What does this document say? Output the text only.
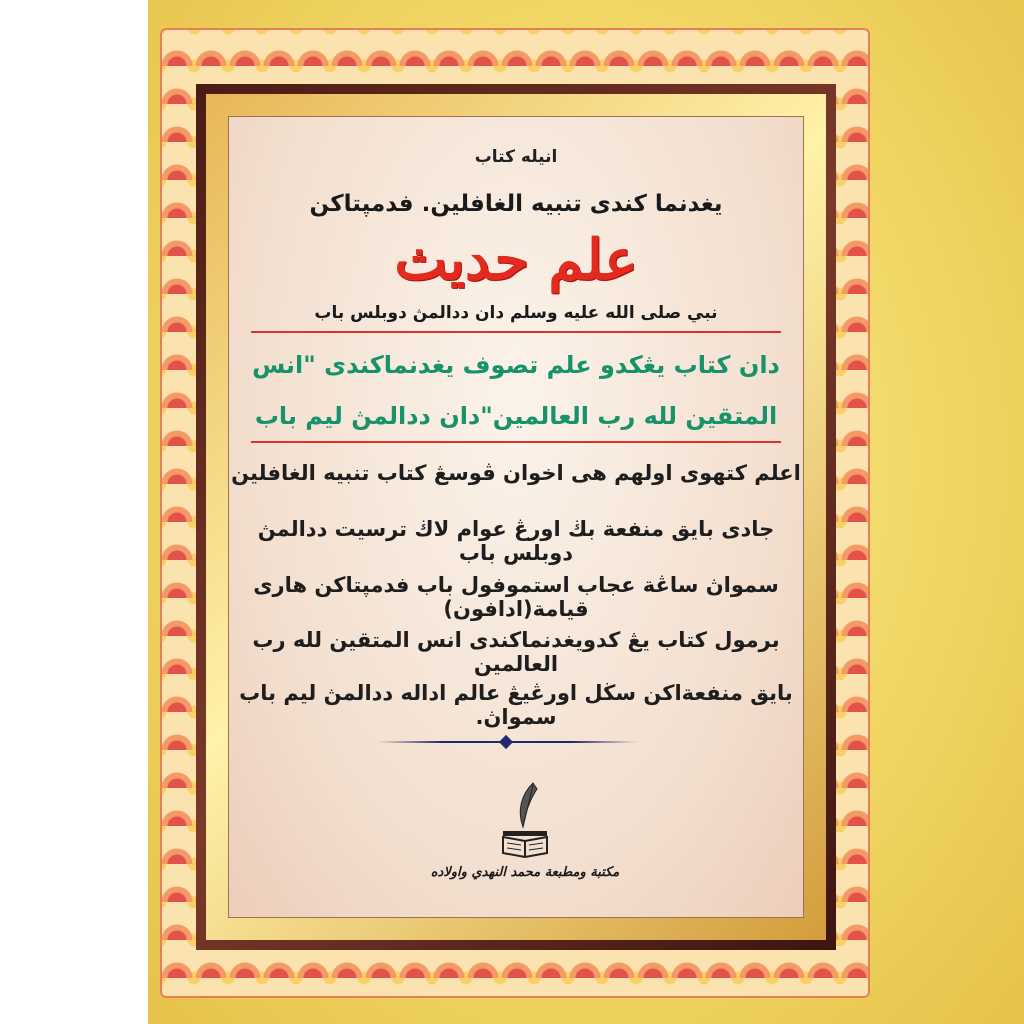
انيله كتاب
يغدنما كندى تنبيه الغافلين. فدمپتاكن
علم حديث
نبي صلى الله عليه وسلم دان ددالمڽ دوبلس باب
دان كتاب يڠكدو علم تصوف يغدنماكندى "انس
المتقين لله رب العالمين"دان ددالمڽ ليم باب
اعلم كتهوى اولهم هى اخوان ڤوسڠ كتاب تنبيه الغافلين
جادى بايق منفعة بڬ اورڠ عوام لاڬ ترسيت ددالمڽ دوبلس باب
سمواڽ ساڠة عجاب استموفول باب فدمپتاكن هارى قيامة(ادافون)
برمول كتاب يڠ كدويغدنماكندى انس المتقين لله رب العالمين
بايق منفعةاكن سڬل اورڠيڠ عالم اداله ددالمڽ ليم باب سمواڽ.
مكتبة ومطبعة محمد النهدي واولاده
